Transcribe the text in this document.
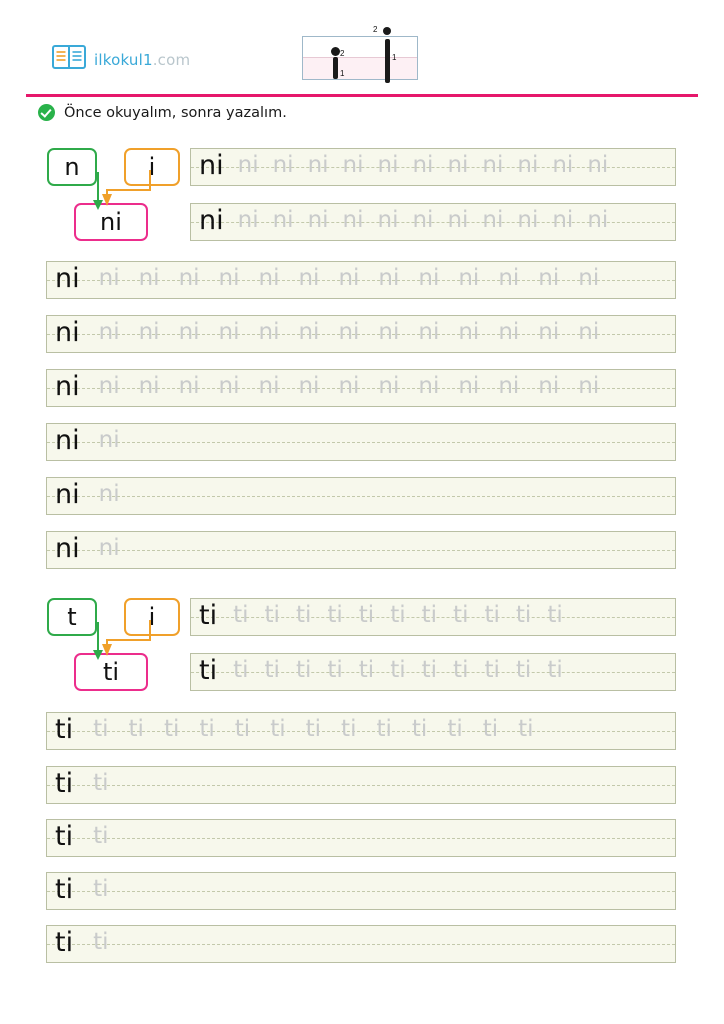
ilkokul1.com
1
2	1
2
Önce okuyalım, sonra yazalım.
n	i
ni
ni ni ni ni ni ni ni ni ni ni ni ni
ni ni ni ni ni ni ni ni ni ni ni ni
ni ni ni ni ni ni ni ni ni ni ni ni ni ni
ni ni ni ni ni ni ni ni ni ni ni ni ni ni
ni ni ni ni ni ni ni ni ni ni ni ni ni ni
ni ni
ni ni
ni ni
t	i
ti
ti ti ti ti ti ti ti ti ti ti ti ti
ti ti ti ti ti ti ti ti ti ti ti ti
ti ti ti ti ti ti ti ti ti ti ti ti ti ti
ti ti
ti ti
ti ti
ti ti
